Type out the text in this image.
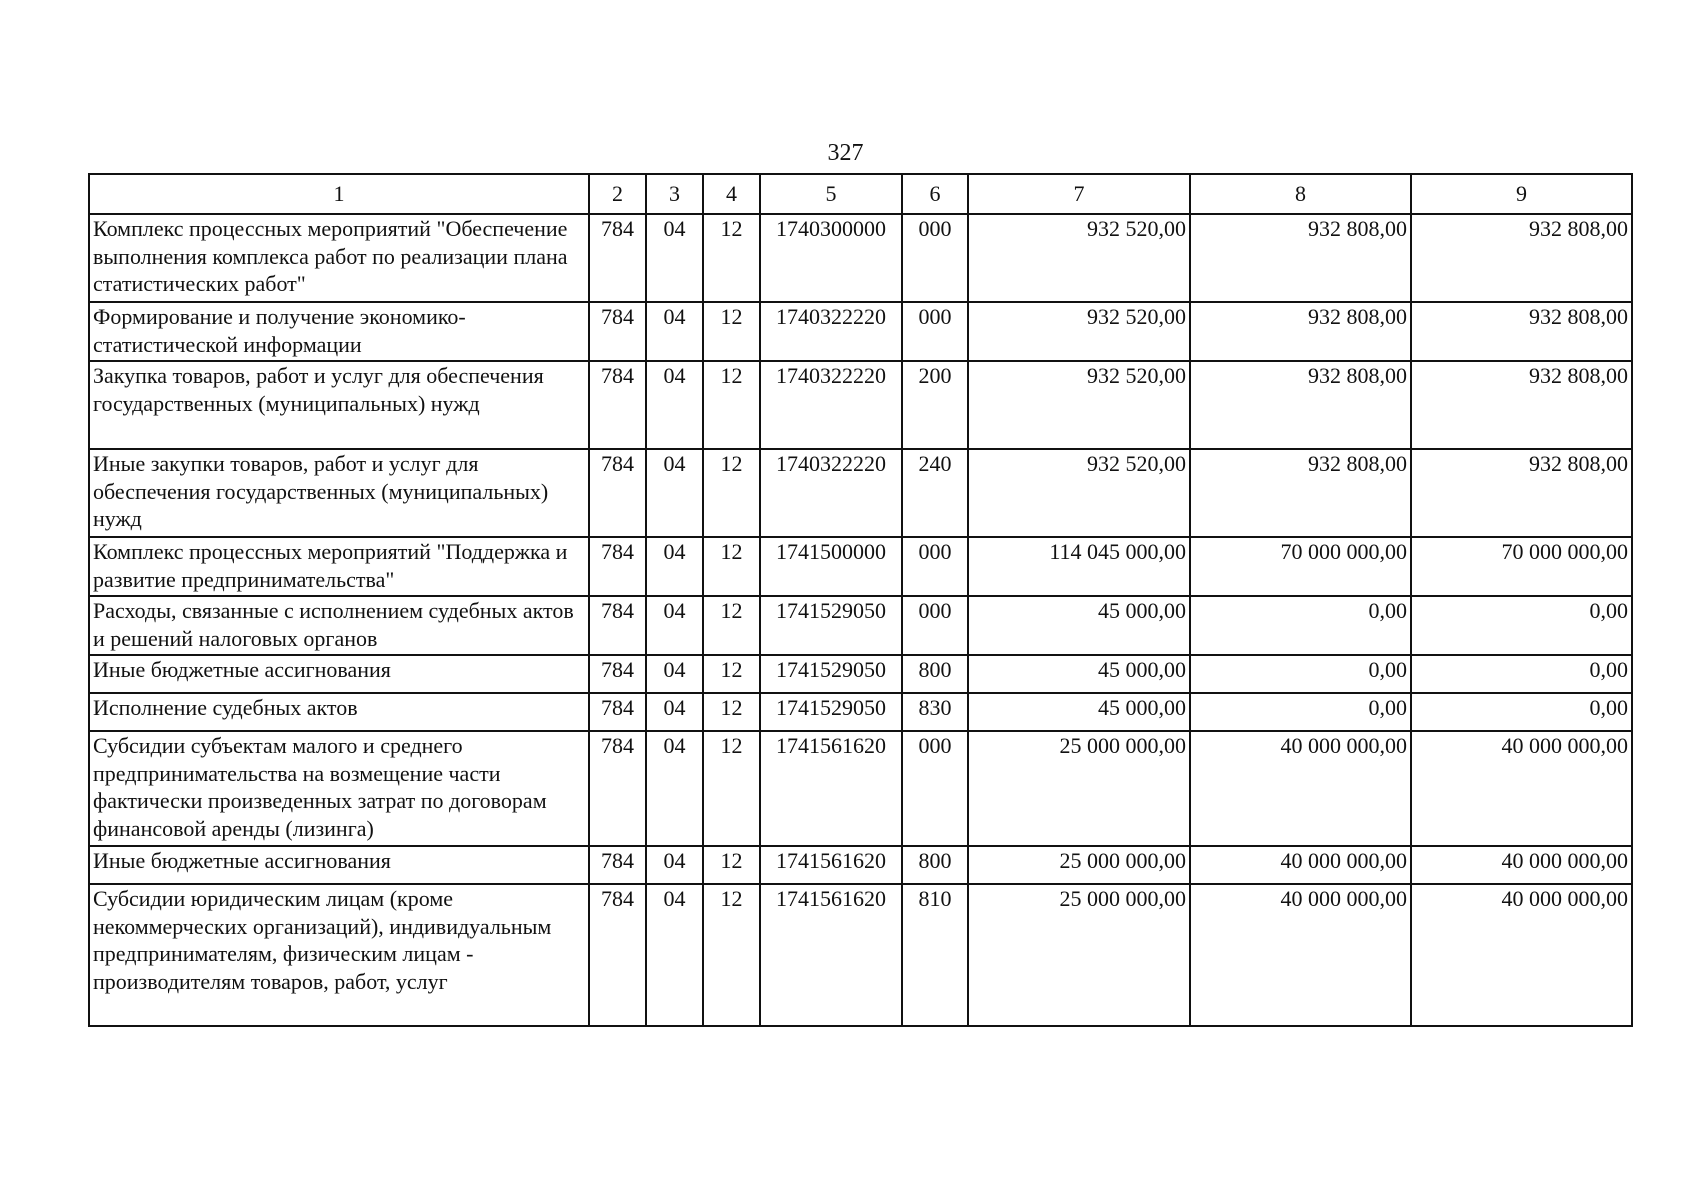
327
1	2	3	4	5	6	7	8	9
Комплекс процессных мероприятий "Обеспечение выполнения комплекса работ по реализации плана статистических работ"	784	04	12	1740300000	000	932 520,00	932 808,00	932 808,00
Формирование и получение экономико-статистической информации	784	04	12	1740322220	000	932 520,00	932 808,00	932 808,00
Закупка товаров, работ и услуг для обеспечения государственных (муниципальных) нужд	784	04	12	1740322220	200	932 520,00	932 808,00	932 808,00
Иные закупки товаров, работ и услуг для обеспечения государственных (муниципальных) нужд	784	04	12	1740322220	240	932 520,00	932 808,00	932 808,00
Комплекс процессных мероприятий "Поддержка и развитие предпринимательства"	784	04	12	1741500000	000	114 045 000,00	70 000 000,00	70 000 000,00
Расходы, связанные с исполнением судебных актов и решений налоговых органов	784	04	12	1741529050	000	45 000,00	0,00	0,00
Иные бюджетные ассигнования	784	04	12	1741529050	800	45 000,00	0,00	0,00
Исполнение судебных актов	784	04	12	1741529050	830	45 000,00	0,00	0,00
Субсидии субъектам малого и среднего предпринимательства на возмещение части фактически произведенных затрат по договорам финансовой аренды (лизинга)	784	04	12	1741561620	000	25 000 000,00	40 000 000,00	40 000 000,00
Иные бюджетные ассигнования	784	04	12	1741561620	800	25 000 000,00	40 000 000,00	40 000 000,00
Субсидии юридическим лицам (кроме некоммерческих организаций), индивидуальным предпринимателям, физическим лицам - производителям товаров, работ, услуг	784	04	12	1741561620	810	25 000 000,00	40 000 000,00	40 000 000,00
